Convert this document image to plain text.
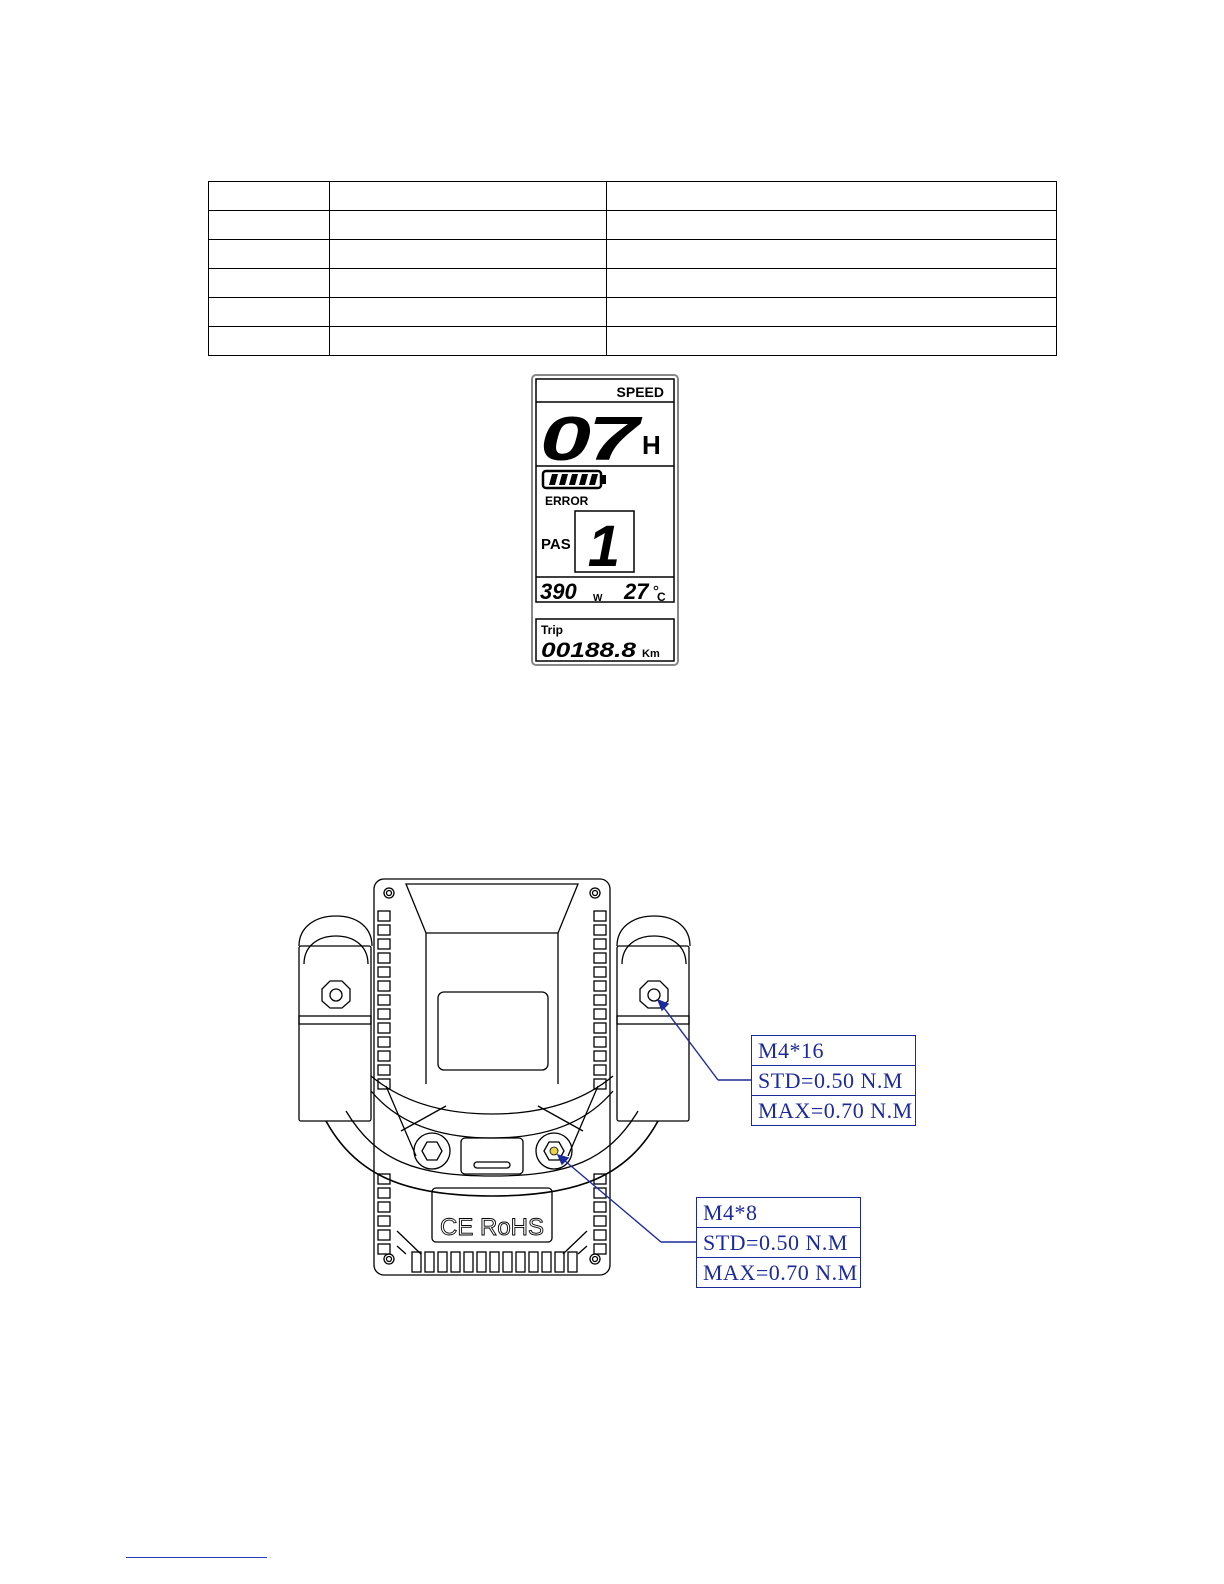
SPEED
07 H
ERROR
PAS 1
390 W 27 C
Trip
00188.8 Km
CE RoHS
M4*16
STD=0.50 N.M
MAX=0.70 N.M
M4*8
STD=0.50 N.M
MAX=0.70 N.M
